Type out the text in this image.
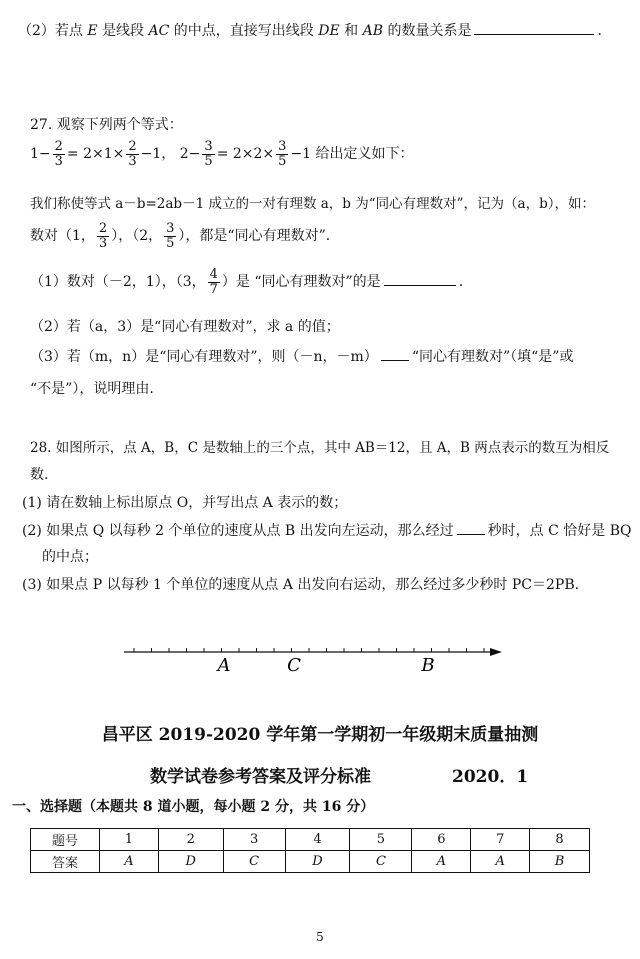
（2）若点 E 是线段 AC 的中点，直接写出线段 DE 和 AB 的数量关系是	.
27. 观察下列两个等式：
$1- \frac{2}{3} = 2\times 1\times \frac{2}{3} -1$， $2- \frac{3}{5} = 2\times 2\times \frac{3}{5} -1$ 给出定义如下：
我们称使等式 a－b=2ab－1 成立的一对有理数 a，b 为“同心有理数对”，记为（a，b），如：
数对（1， $\frac{2}{3}$ ），（2， $\frac{3}{5}$ ），都是“同心有理数对”．
（1）数对（－2，1），（3， $\frac{4}{7}$ ）是 “同心有理数对”的是	.
（2）若（a，3）是“同心有理数对”，求 a 的值；
（3）若（m，n）是“同心有理数对”，则（－n，－m） “同心有理数对”（填“是”或
“不是”），说明理由.
28. 如图所示，点 A，B，C 是数轴上的三个点，其中 AB＝12，且 A，B 两点表示的数互为相反
数.
(1) 请在数轴上标出原点 O，并写出点 A 表示的数；
(2) 如果点 Q 以每秒 2 个单位的速度从点 B 出发向左运动，那么经过 秒时，点 C 恰好是 BQ
的中点；
(3) 如果点 P 以每秒 1 个单位的速度从点 A 出发向右运动，那么经过多少秒时 PC＝2PB.
A	C	B
昌平区 2019-2020 学年第一学期初一年级期末质量抽测
数学试卷参考答案及评分标准	2020．1
一、选择题（本题共 8 道小题，每小题 2 分，共 16 分）
题号	1	2	3	4	5	6	7	8
答案	A	D	C	D	C	A	A	B
5
